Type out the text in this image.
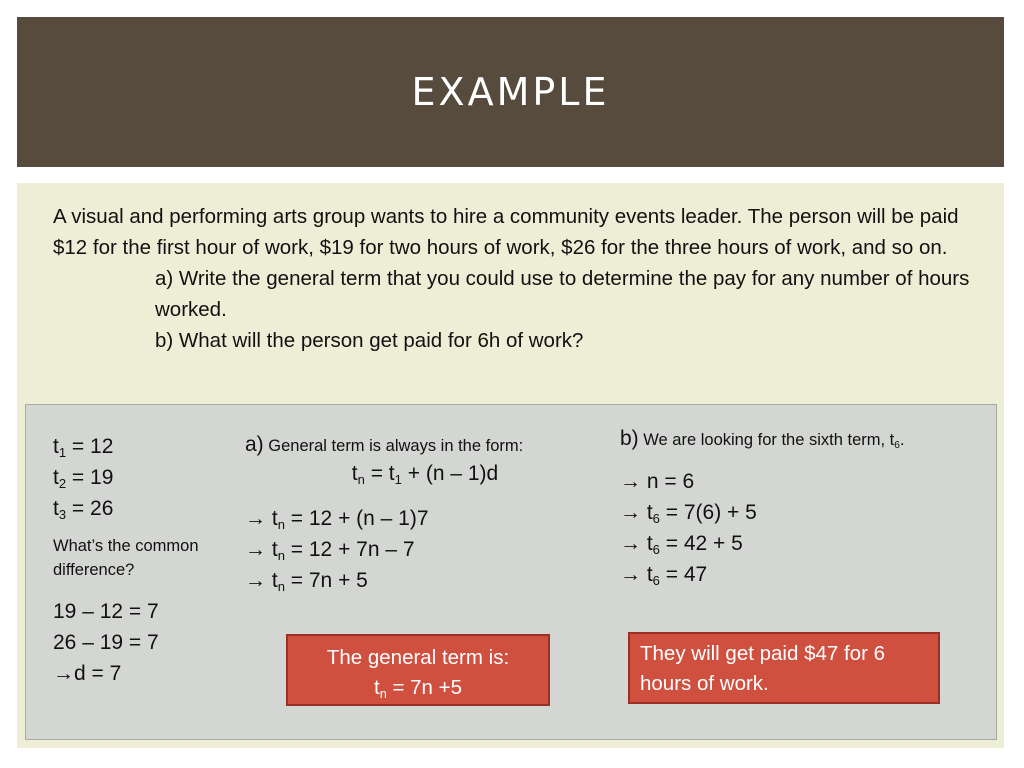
EXAMPLE

A visual and performing arts group wants to hire a community events leader. The person will be paid $12 for the first hour of work, $19 for two hours of work, $26 for the three hours of work, and so on.

a) Write the general term that you could use to determine the pay for any number of hours worked.

b) What will the person get paid for 6h of work?

$t_1 = 12$
$t_2 = 19$
$t_3 = 26$
What’s the common difference?
19 – 12 = 7
26 – 19 = 7
→d = 7
a) General term is always in the form:
$t_n = t_1 + (n - 1)d$
→ $t_n = 12 + (n - 1)7$
→ $t_n = 12 + 7n - 7$
→ $t_n = 7n + 5$
The general term is:
$t_n = 7n +5$
b) We are looking for the sixth term, $t_6$.
→ n = 6
→ $t_6 = 7(6) + 5$
→ $t_6 = 42 + 5$
→ $t_6 = 47$
They will get paid $47 for 6 hours of work.
